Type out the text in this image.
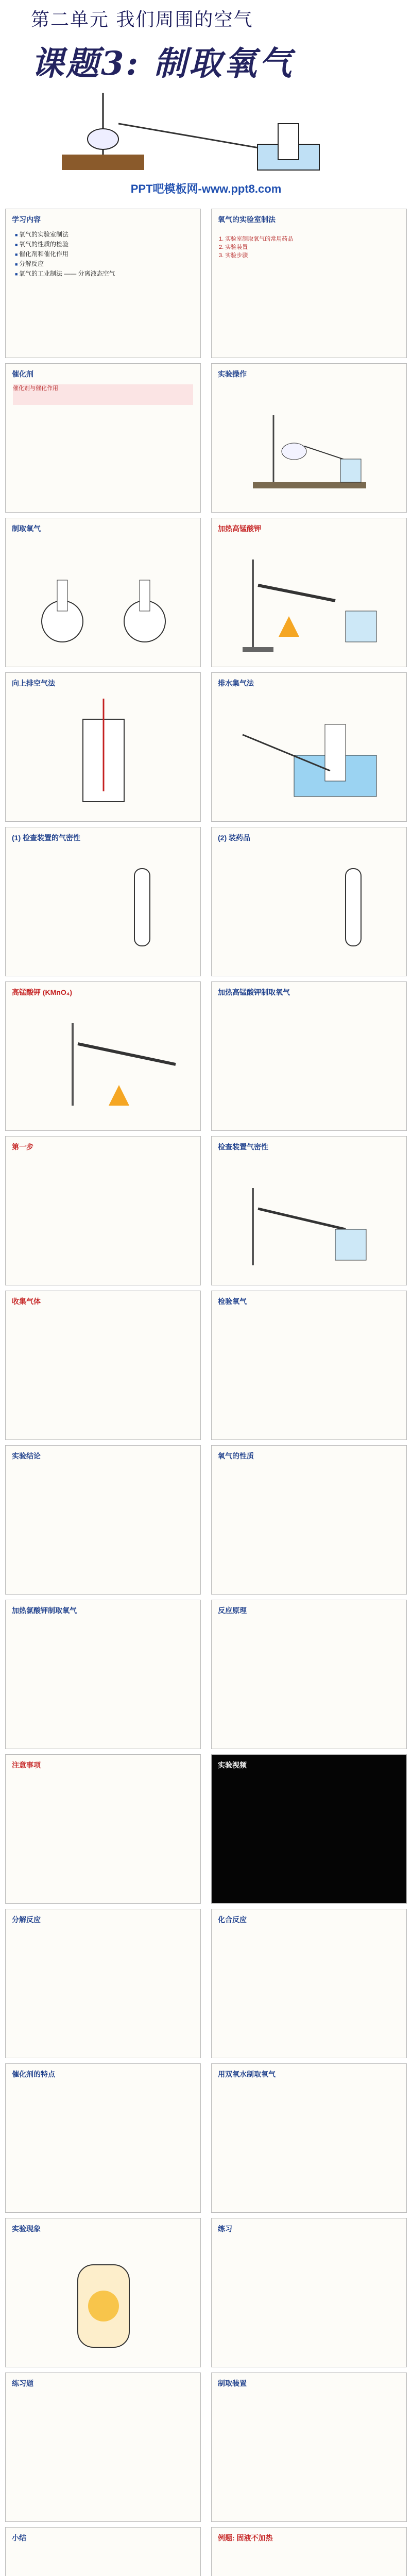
第二单元 我们周围的空气
课题3: 制取氧气
PPT吧模板网-www.ppt8.com
学习内容
■ 氧气的实验室制法
■ 氧气的性质的检验
■ 催化剂和催化作用
■ 分解反应
■ 氧气的工业制法 —— 分离液态空气
氧气的实验室制法
1. 实验室制取氧气的常用药品
2. 实验装置
3. 实验步骤
催化剂
催化剂与催化作用
实验操作
制取氧气	加热高锰酸钾
向上排空气法	排水集气法
(1) 检查装置的气密性	(2) 装药品
高锰酸钾 (KMnO₄)	加热高锰酸钾制取氧气
第一步	检查装置气密性
收集气体	检验氧气
实验结论	氧气的性质
加热氯酸钾制取氧气	反应原理
注意事项	实验视频
分解反应	化合反应
催化剂的特点	用双氧水制取氧气
实验现象	练习
练习题	制取装置
小结	例题: 固液不加热
